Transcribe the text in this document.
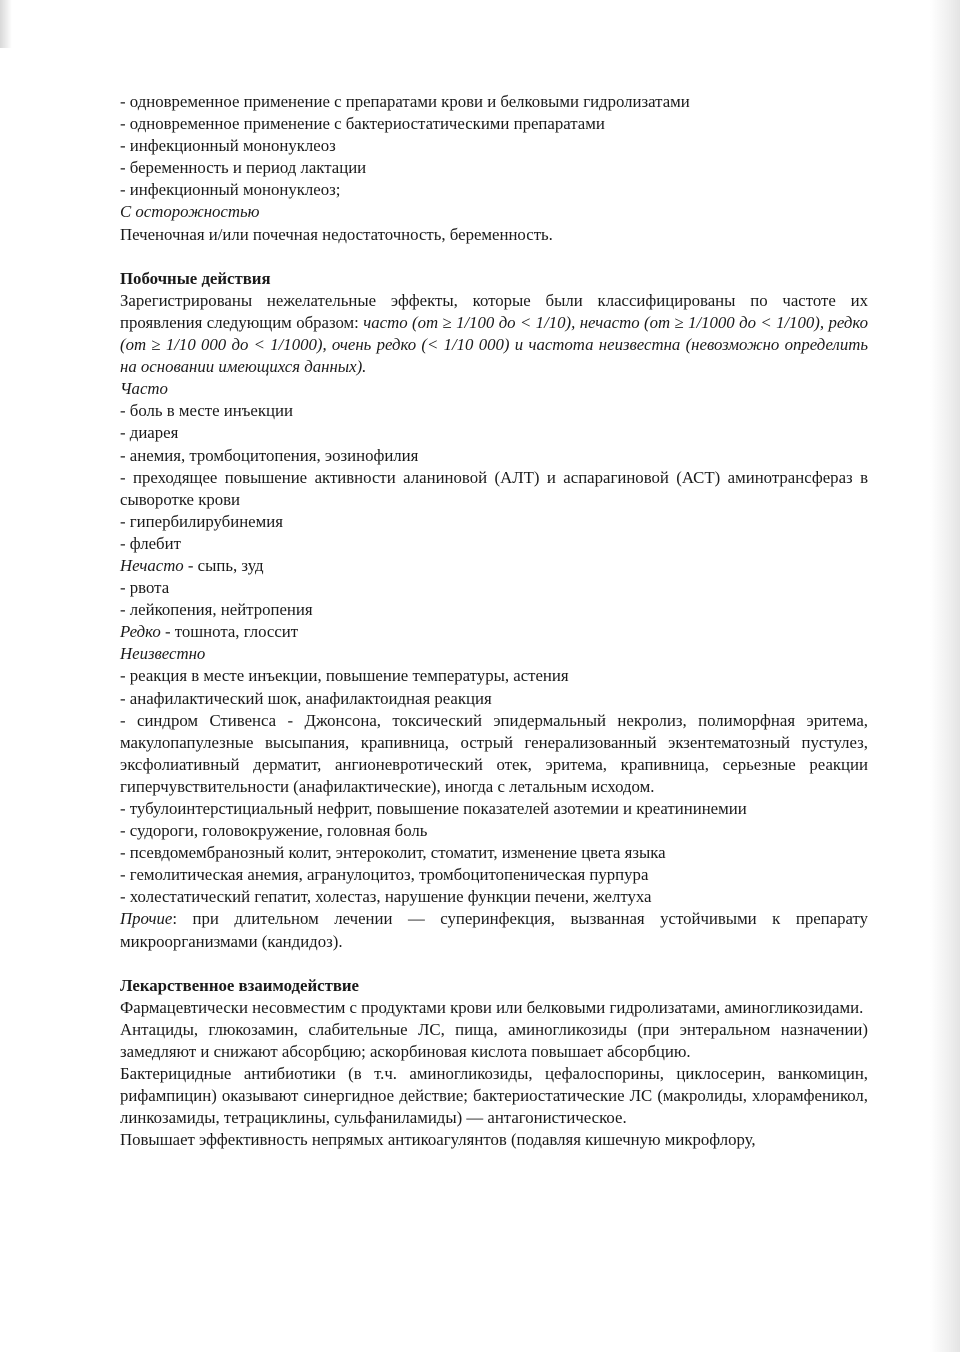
- одновременное применение с препаратами крови и белковыми гидролизатами

- одновременное применение с бактериостатическими препаратами

- инфекционный мононуклеоз

- беременность и период лактации

- инфекционный мононуклеоз;

С осторожностью

Печеночная и/или почечная недостаточность, беременность.

Побочные действия

Зарегистрированы нежелательные эффекты, которые были классифицированы по частоте их проявления следующим образом: часто (от ≥ 1/100 до < 1/10), нечасто (от ≥ 1/1000 до < 1/100), редко (от ≥ 1/10 000 до < 1/1000), очень редко (< 1/10 000) и частота неизвестна (невозможно определить на основании имеющихся данных).

Часто

- боль в месте инъекции

- диарея

- анемия, тромбоцитопения, эозинофилия

- преходящее повышение активности аланиновой (АЛТ) и аспарагиновой (АСТ) аминотрансфераз в сыворотке крови

- гипербилирубинемия

- флебит

Нечасто - сыпь, зуд

- рвота

- лейкопения, нейтропения

Редко - тошнота, глоссит

Неизвестно

- реакция в месте инъекции, повышение температуры, астения

- анафилактический шок, анафилактоидная реакция

- синдром Стивенса - Джонсона, токсический эпидермальный некролиз, полиморфная эритема, макулопапулезные высыпания, крапивница, острый генерализованный экзентематозный пустулез, эксфолиативный дерматит, ангионевротический отек, эритема, крапивница, серьезные реакции гиперчувствительности (анафилактические), иногда с летальным исходом.

- тубулоинтерстициальный нефрит, повышение показателей азотемии и креатининемии

- судороги, головокружение, головная боль

- псевдомембранозный колит, энтероколит, стоматит, изменение цвета языка

- гемолитическая анемия, агранулоцитоз, тромбоцитопеническая пурпура

- холестатический гепатит, холестаз, нарушение функции печени, желтуха

Прочие: при длительном лечении — суперинфекция, вызванная устойчивыми к препарату микроорганизмами (кандидоз).

Лекарственное взаимодействие

Фармацевтически несовместим с продуктами крови или белковыми гидролизатами, аминогликозидами.

Антациды, глюкозамин, слабительные ЛС, пища, аминогликозиды (при энтеральном назначении) замедляют и снижают абсорбцию; аскорбиновая кислота повышает абсорбцию.

Бактерицидные антибиотики (в т.ч. аминогликозиды, цефалоспорины, циклосерин, ванкомицин, рифампицин) оказывают синергидное действие; бактериостатические ЛС (макролиды, хлорамфеникол, линкозамиды, тетрациклины, сульфаниламиды) — антагонистическое.

Повышает эффективность непрямых антикоагулянтов (подавляя кишечную микрофлору,
